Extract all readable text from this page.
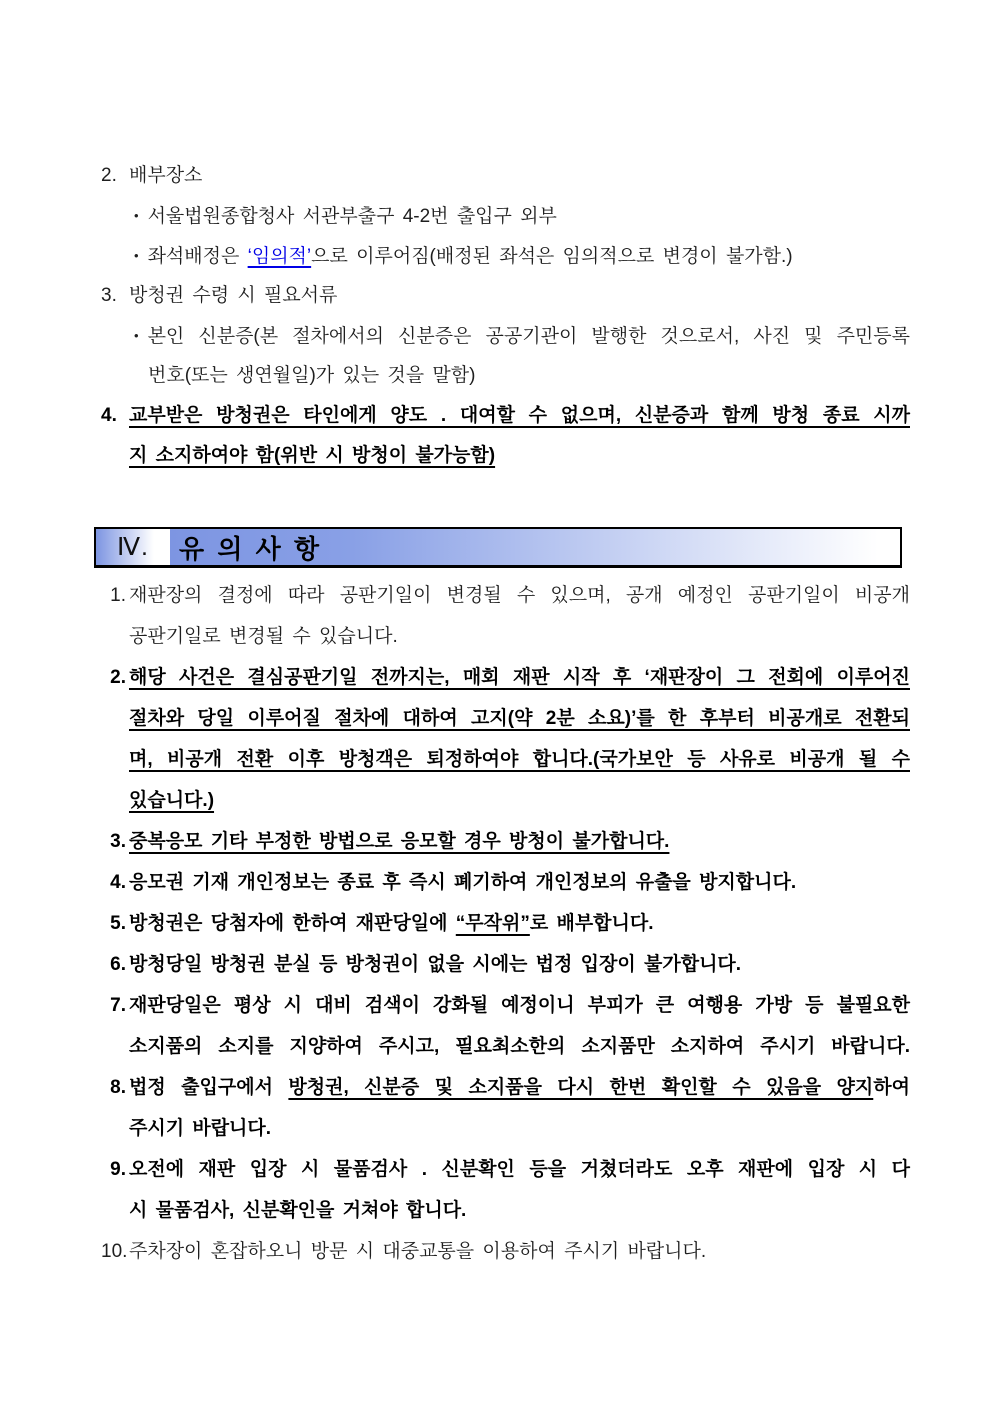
2. 배부장소
• 서울법원종합청사 서관부출구 4-2번 출입구 외부
• 좌석배정은 ‘임의적’으로 이루어짐(배정된 좌석은 임의적으로 변경이 불가함.)
3. 방청권 수령 시 필요서류
• 본인 신분증(본 절차에서의 신분증은 공공기관이 발행한 것으로서, 사진 및 주민등록
번호(또는 생연월일)가 있는 것을 말함)
4. 교부받은 방청권은 타인에게 양도 . 대여할 수 없으며, 신분증과 함께 방청 종료 시까
지 소지하여야 함(위반 시 방청이 불가능함)
Ⅳ.	유 의 사 항
1. 재판장의 결정에 따라 공판기일이 변경될 수 있으며, 공개 예정인 공판기일이 비공개
공판기일로 변경될 수 있습니다.
2. 해당 사건은 결심공판기일 전까지는, 매회 재판 시작 후 ‘재판장이 그 전회에 이루어진
절차와 당일 이루어질 절차에 대하여 고지(약 2분 소요)’를 한 후부터 비공개로 전환되
며, 비공개 전환 이후 방청객은 퇴정하여야 합니다.(국가보안 등 사유로 비공개 될 수
있습니다.)
3. 중복응모 기타 부정한 방법으로 응모할 경우 방청이 불가합니다.
4. 응모권 기재 개인정보는 종료 후 즉시 폐기하여 개인정보의 유출을 방지합니다.
5. 방청권은 당첨자에 한하여 재판당일에 “무작위”로 배부합니다.
6. 방청당일 방청권 분실 등 방청권이 없을 시에는 법정 입장이 불가합니다.
7. 재판당일은 평상 시 대비 검색이 강화될 예정이니 부피가 큰 여행용 가방 등 불필요한
소지품의 소지를 지양하여 주시고, 필요최소한의 소지품만 소지하여 주시기 바랍니다.
8. 법정 출입구에서 방청권, 신분증 및 소지품을 다시 한번 확인할 수 있음을 양지하여
주시기 바랍니다.
9. 오전에 재판 입장 시 물품검사 . 신분확인 등을 거쳤더라도 오후 재판에 입장 시 다
시 물품검사, 신분확인을 거쳐야 합니다.
10. 주차장이 혼잡하오니 방문 시 대중교통을 이용하여 주시기 바랍니다.
